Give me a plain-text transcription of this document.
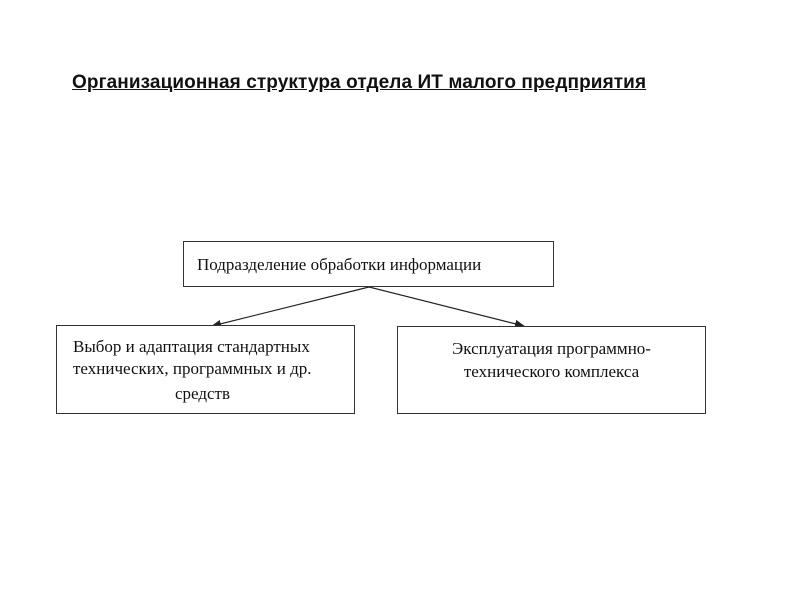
Организационная структура отдела ИТ малого предприятия
Подразделение обработки информации
Выбор и адаптация стандартных
технических, программных и др.
средств
Эксплуатация программно-
технического комплекса
